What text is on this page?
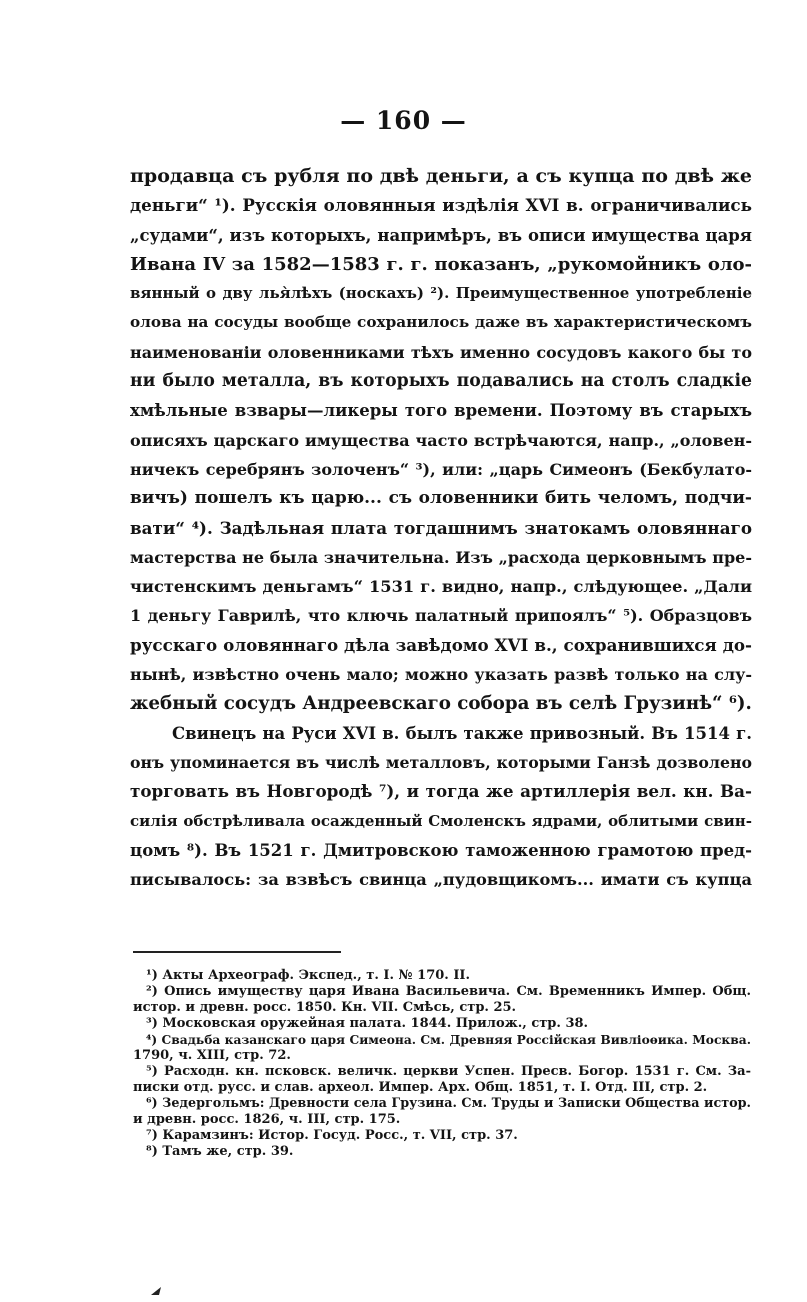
— 160 —
продавца съ рубля по двѣ деньги, а съ купца по двѣ же
деньги“ ¹). Русскія оловянныя издѣлія XVI в. ограничивались
„судами“, изъ которыхъ, напримѣръ, въ описи имущества царя
Ивана IV за 1582—1583 г. г. показанъ, „рукомойникъ оло-
вянный о дву лья̀лѣхъ (носкахъ) ²). Преимущественное употребленіе
олова на сосуды вообще сохранилось даже въ характеристическомъ
наименованіи оловенниками тѣхъ именно сосудовъ какого бы то
ни было металла, въ которыхъ подавались на столъ сладкіе
хмѣльные взвары—ликеры того времени. Поэтому въ старыхъ
описяхъ царскаго имущества часто встрѣчаются, напр., „оловен-
ничекъ серебрянъ золоченъ“ ³), или: „царь Симеонъ (Бекбулато-
вичъ) пошелъ къ царю... съ оловенники бить челомъ, подчи-
вати“ ⁴). Задѣльная плата тогдашнимъ знатокамъ оловяннаго
мастерства не была значительна. Изъ „расхода церковнымъ пре-
чистенскимъ деньгамъ“ 1531 г. видно, напр., слѣдующее. „Дали
1 деньгу Гаврилѣ, что ключь палатный припоялъ“ ⁵). Образцовъ
русскаго оловяннаго дѣла завѣдомо XVI в., сохранившихся до-
нынѣ, извѣстно очень мало; можно указать развѣ только на слу-
жебный сосудъ Андреевскаго собора въ селѣ Грузинѣ“ ⁶).
Свинецъ на Руси XVI в. былъ также привозный. Въ 1514 г.
онъ упоминается въ числѣ металловъ, которыми Ганзѣ дозволено
торговать въ Новгородѣ ⁷), и тогда же артиллерія вел. кн. Ва-
силія обстрѣливала осажденный Смоленскъ ядрами, облитыми свин-
цомъ ⁸). Въ 1521 г. Дмитровскою таможенною грамотою пред-
писывалось: за взвѣсъ свинца „пудовщикомъ... имати съ купца
¹) Акты Археограф. Экспед., т. I. № 170. II.
²) Опись имуществу царя Ивана Васильевича. См. Временникъ Импер. Общ.
истор. и древн. росс. 1850. Кн. VII. Смѣсь, стр. 25.
³) Московская оружейная палата. 1844. Прилож., стр. 38.
⁴) Свадьба казанскаго царя Симеона. См. Древняя Россійская Вивліоѳика. Москва.
1790, ч. XIII, стр. 72.
⁵) Расходн. кн. псковск. величк. церкви Успен. Пресв. Богор. 1531 г. См. За-
писки отд. русс. и слав. археол. Импер. Арх. Общ. 1851, т. I. Отд. III, стр. 2.
⁶) Зедергольмъ: Древности села Грузина. См. Труды и Записки Общества истор.
и древн. росс. 1826, ч. III, стр. 175.
⁷) Карамзинъ: Истор. Госуд. Росс., т. VII, стр. 37.
⁸) Тамъ же, стр. 39.
